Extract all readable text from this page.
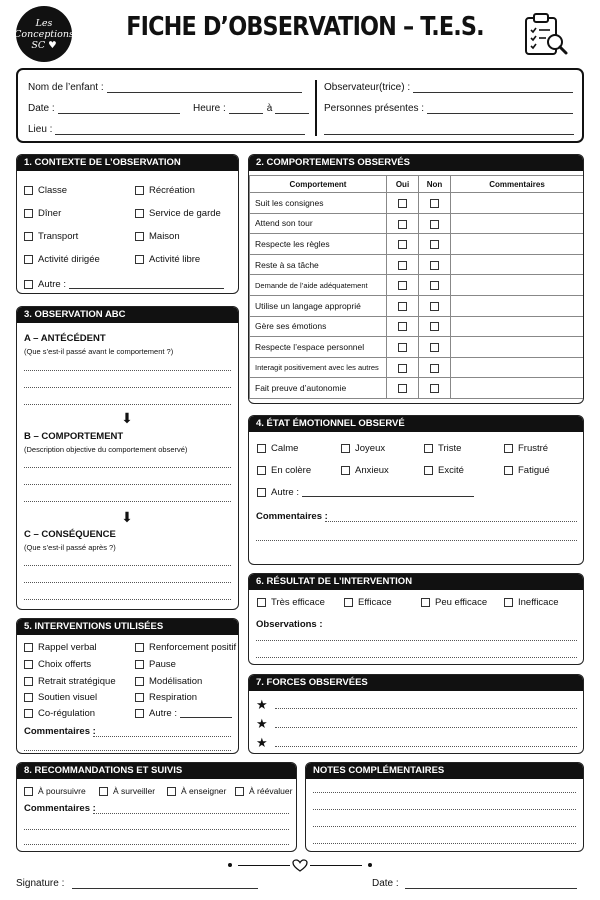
Les
Conceptions
SC ♥
FICHE D’OBSERVATION – T.E.S.
Nom de l’enfant :
Date :	Heure :	à
Lieu :
Observateur(trice) :
Personnes présentes :
1. CONTEXTE DE L’OBSERVATION
Classe	Récréation
Dîner	Service de garde
Transport	Maison
Activité dirigée	Activité libre
Autre :
2. COMPORTEMENTS OBSERVÉS
Comportement	Oui	Non	Commentaires
Suit les consignes			
Attend son tour			
Respecte les règles			
Reste à sa tâche			
Demande de l’aide adéquatement			
Utilise un langage approprié			
Gère ses émotions			
Respecte l’espace personnel			
Interagit positivement avec les autres			
Fait preuve d’autonomie			
3. OBSERVATION ABC
A – ANTÉCÉDENT
(Que s’est-il passé avant le comportement ?)
⬇
B – COMPORTEMENT
(Description objective du comportement observé)
⬇
C – CONSÉQUENCE
(Que s’est-il passé après ?)
4. ÉTAT ÉMOTIONNEL OBSERVÉ
Calme	Joyeux	Triste	Frustré
En colère	Anxieux	Excité	Fatigué
Autre :
Commentaires :
6. RÉSULTAT DE L’INTERVENTION
Très efficace	Efficace	Peu efficace	Inefficace
Observations :
5. INTERVENTIONS UTILISÉES
Rappel verbal	Renforcement positif
Choix offerts	Pause
Retrait stratégique	Modélisation
Soutien visuel	Respiration
Co-régulation	Autre :
Commentaires :
7. FORCES OBSERVÉES
★
★
★
8. RECOMMANDATIONS ET SUIVIS
À poursuivre	À surveiller	À enseigner	À réévaluer
Commentaires :
NOTES COMPLÉMENTAIRES
Signature :	Date :
